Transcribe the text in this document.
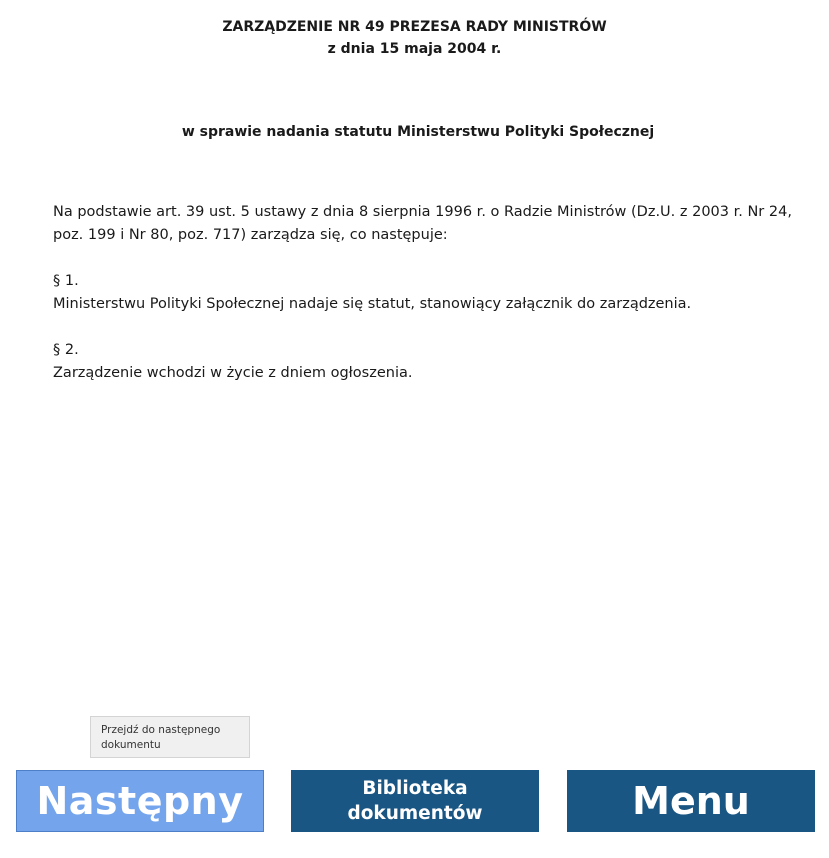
ZARZĄDZENIE NR 49 PREZESA RADY MINISTRÓW
z dnia 15 maja 2004 r.
w sprawie nadania statutu Ministerstwu Polityki Społecznej

Na podstawie art. 39 ust. 5 ustawy z dnia 8 sierpnia 1996 r. o Radzie Ministrów (Dz.U. z 2003 r. Nr 24, poz. 199 i Nr 80, poz. 717) zarządza się, co następuje:

§ 1.

Ministerstwu Polityki Społecznej nadaje się statut, stanowiący załącznik do zarządzenia.

§ 2.

Zarządzenie wchodzi w życie z dniem ogłoszenia.

Przejdź do następnego dokumentu
Następny	Biblioteka dokumentów	Menu
